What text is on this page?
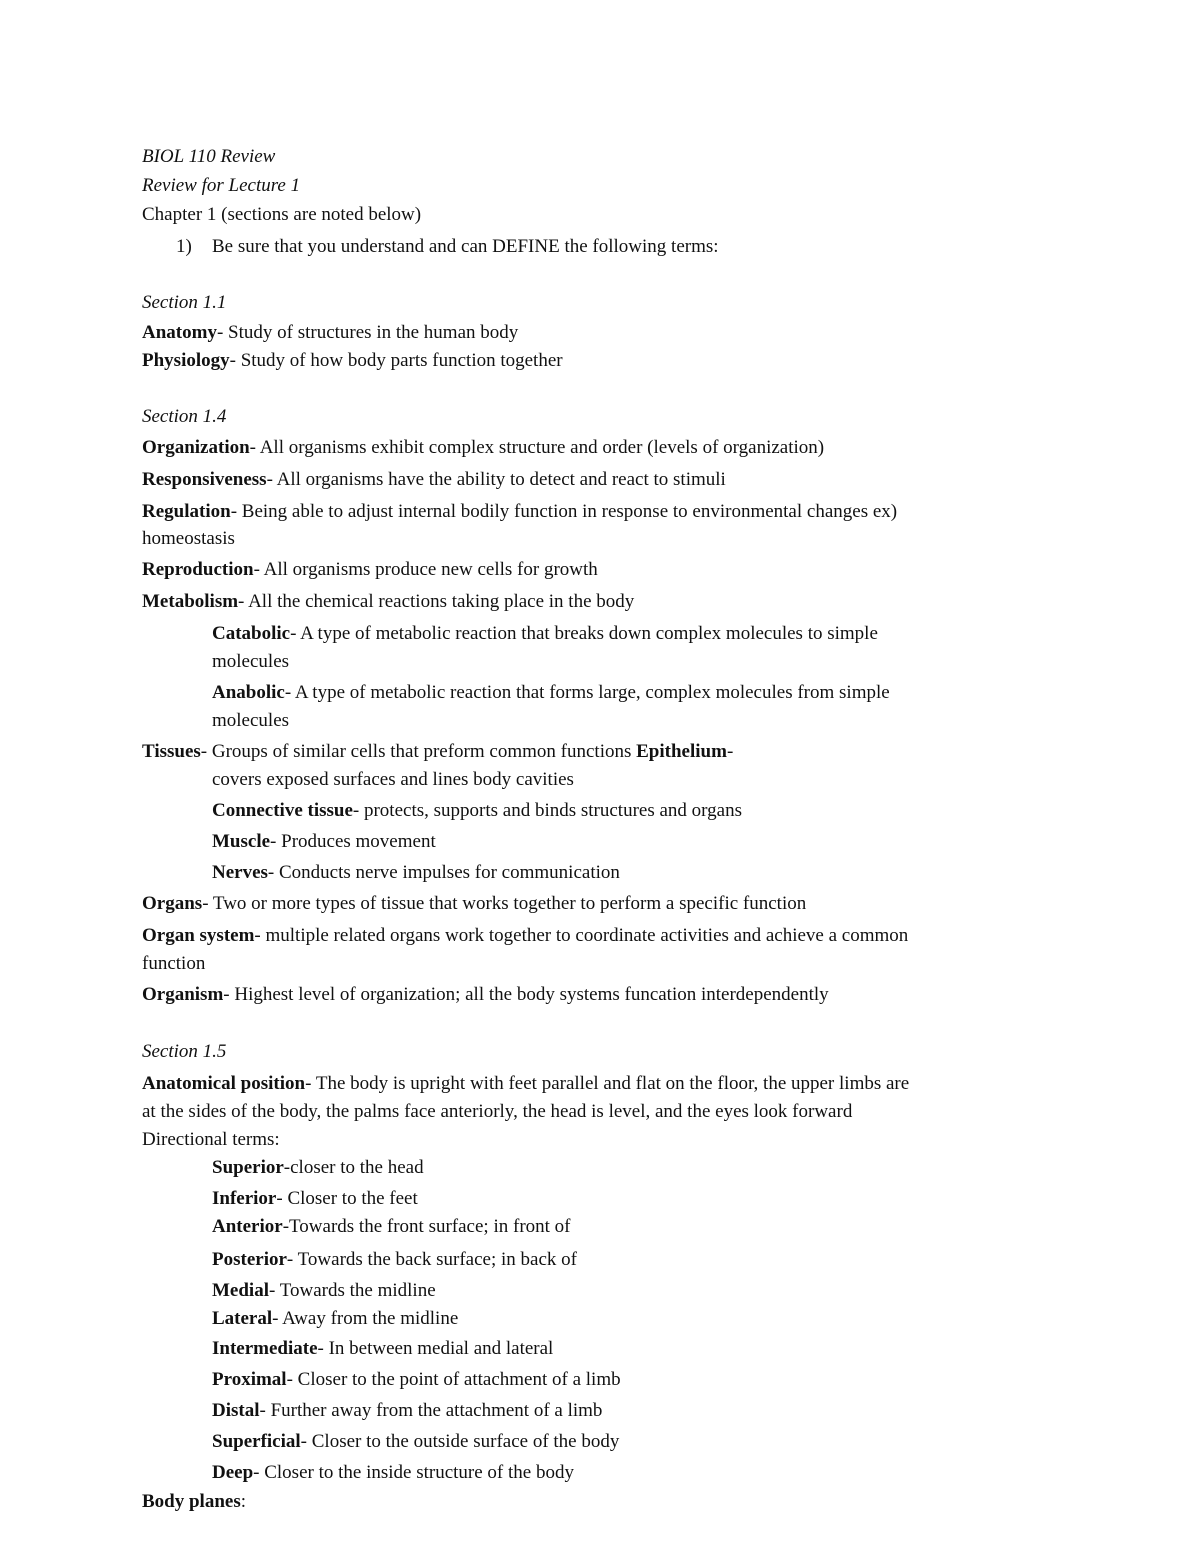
BIOL 110 Review
Review for Lecture 1
Chapter 1 (sections are noted below)
1) Be sure that you understand and can DEFINE the following terms:
Section 1.1
Anatomy- Study of structures in the human body
Physiology- Study of how body parts function together
Section 1.4
Organization- All organisms exhibit complex structure and order (levels of organization)
Responsiveness- All organisms have the ability to detect and react to stimuli
Regulation- Being able to adjust internal bodily function in response to environmental changes ex)
homeostasis
Reproduction- All organisms produce new cells for growth
Metabolism- All the chemical reactions taking place in the body
Catabolic- A type of metabolic reaction that breaks down complex molecules to simple
molecules
Anabolic- A type of metabolic reaction that forms large, complex molecules from simple
molecules
Tissues- Groups of similar cells that preform common functions Epithelium-
covers exposed surfaces and lines body cavities
Connective tissue- protects, supports and binds structures and organs
Muscle- Produces movement
Nerves- Conducts nerve impulses for communication
Organs- Two or more types of tissue that works together to perform a specific function
Organ system- multiple related organs work together to coordinate activities and achieve a common
function
Organism- Highest level of organization; all the body systems funcation interdependently
Section 1.5
Anatomical position- The body is upright with feet parallel and flat on the floor, the upper limbs are
at the sides of the body, the palms face anteriorly, the head is level, and the eyes look forward
Directional terms:
Superior-closer to the head
Inferior- Closer to the feet
Anterior-Towards the front surface; in front of
Posterior- Towards the back surface; in back of
Medial- Towards the midline
Lateral- Away from the midline
Intermediate- In between medial and lateral
Proximal- Closer to the point of attachment of a limb
Distal- Further away from the attachment of a limb
Superficial- Closer to the outside surface of the body
Deep- Closer to the inside structure of the body
Body planes:
